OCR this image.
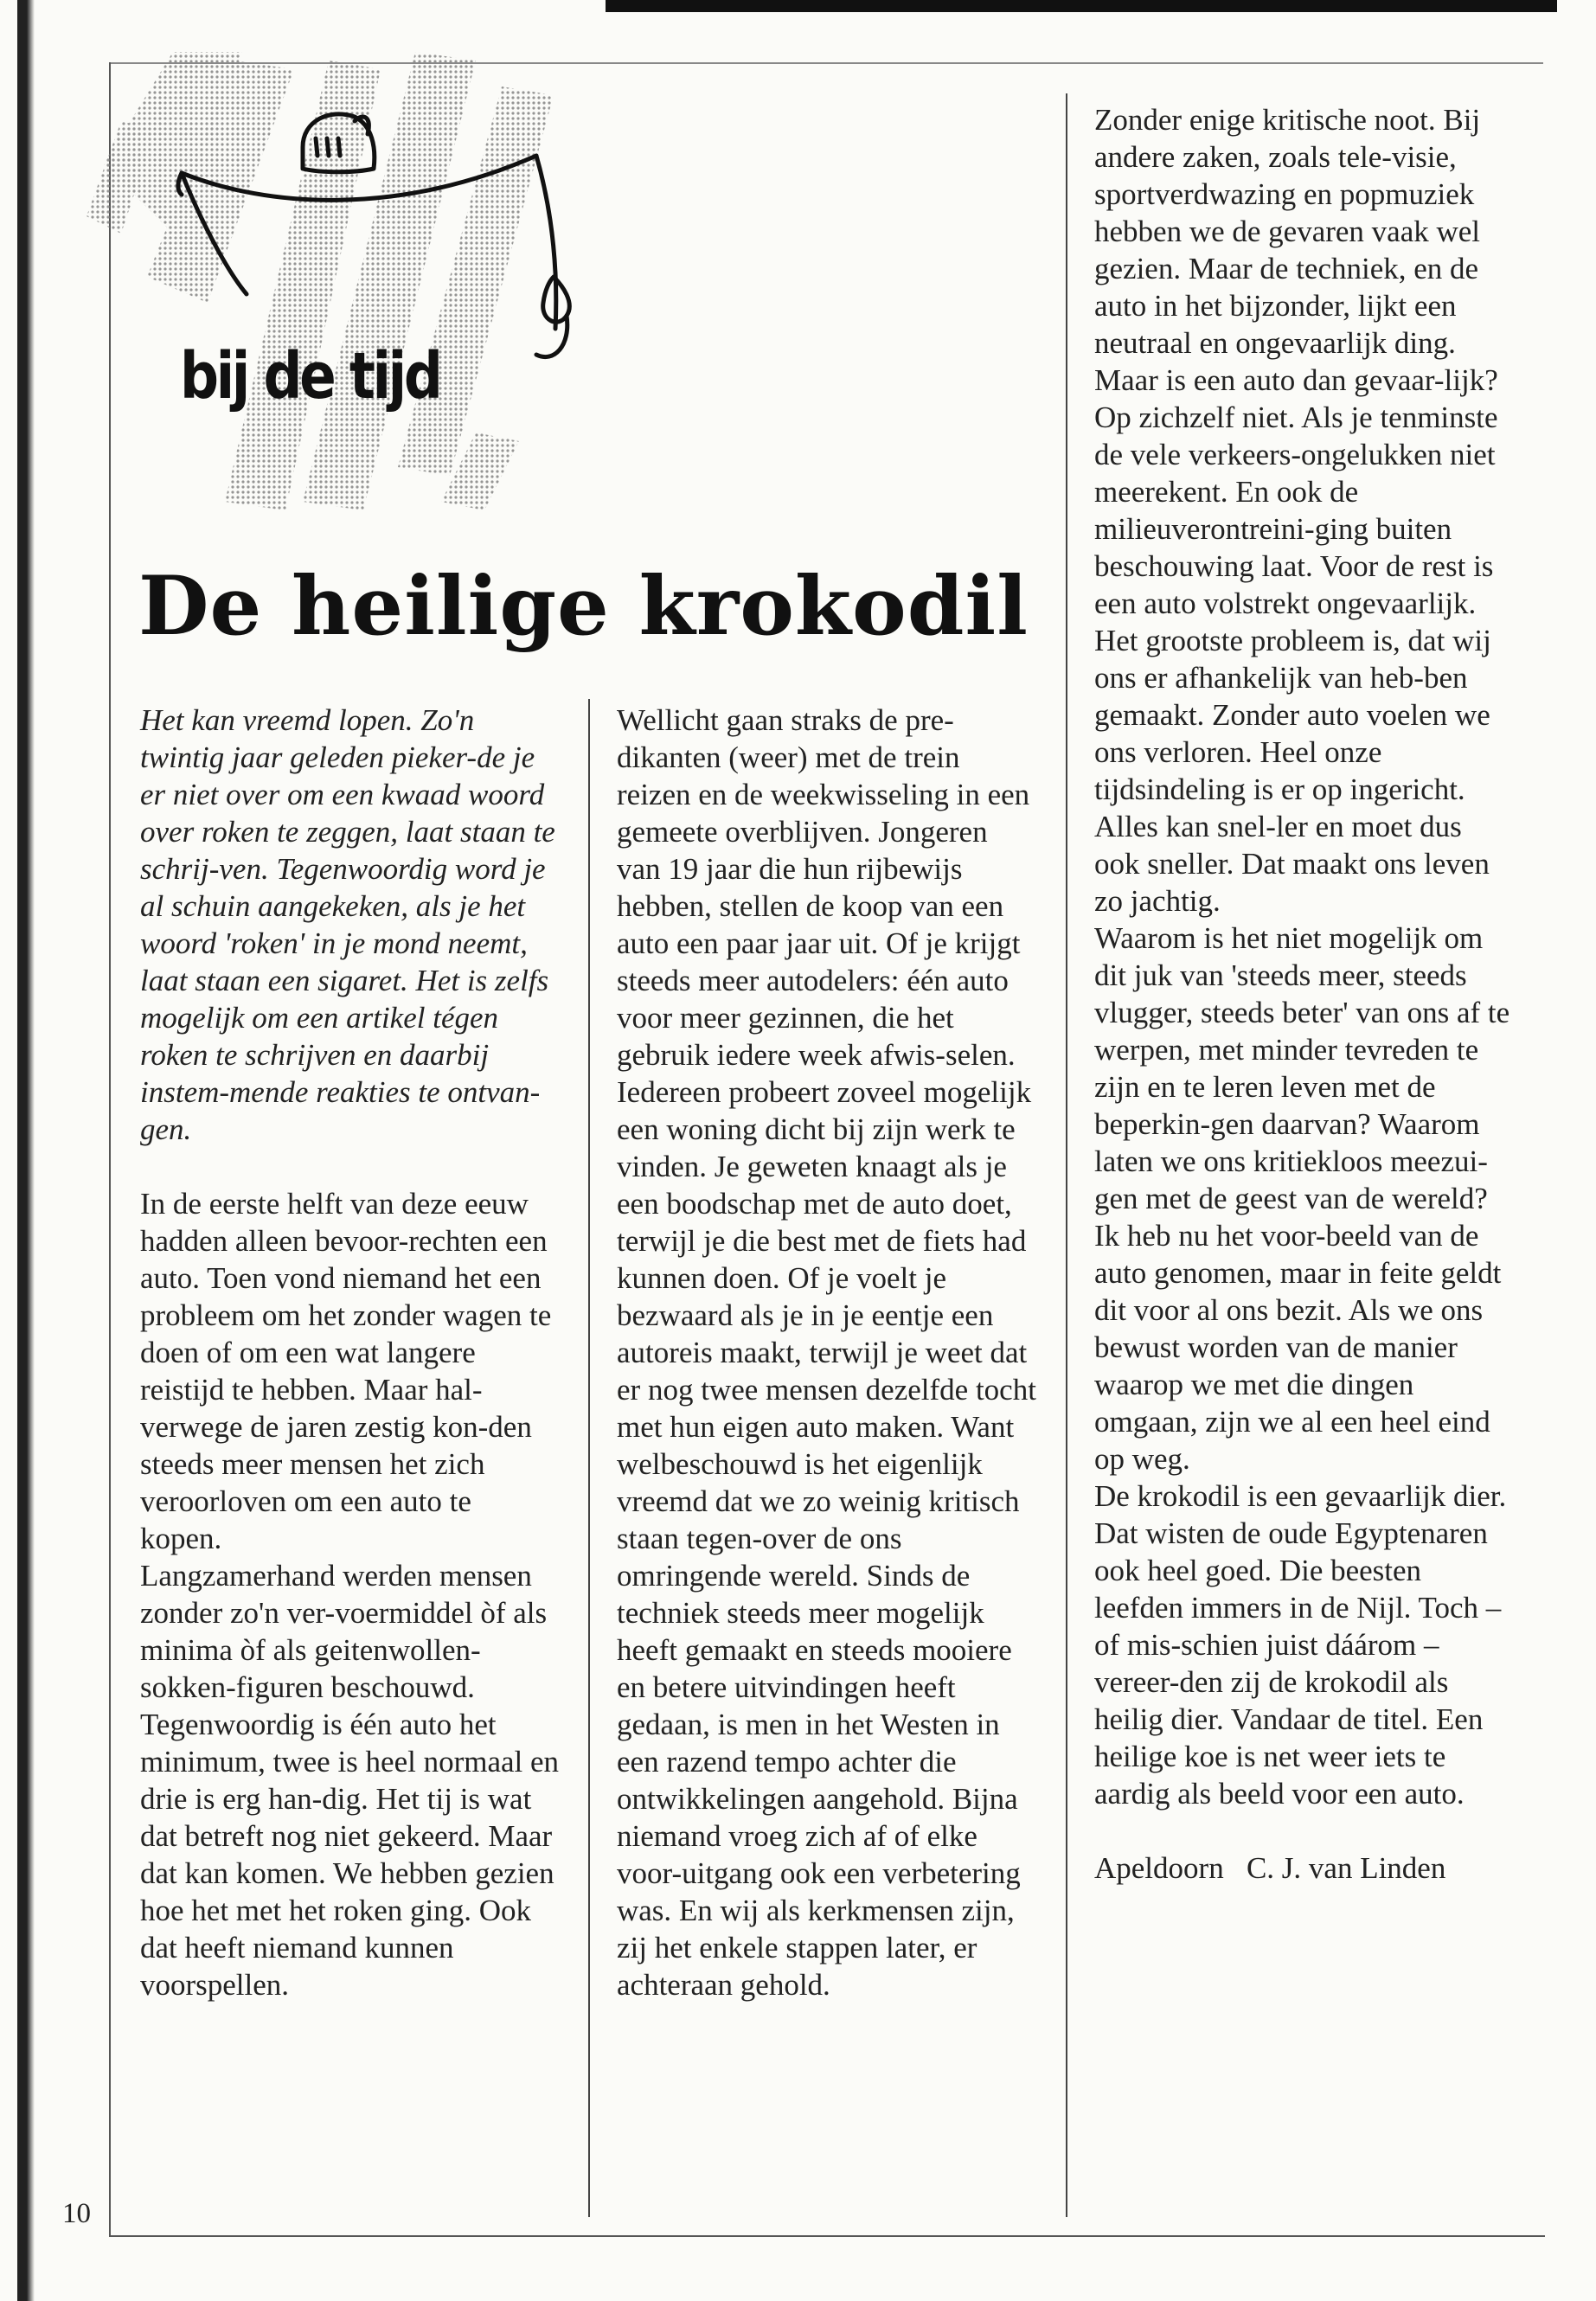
bij de tijd
De heilige krokodil

Het kan vreemd lopen. Zo'n twintig jaar geleden pieker-de je er niet over om een kwaad woord over roken te zeggen, laat staan te schrij-ven. Tegenwoordig word je al schuin aangekeken, als je het woord 'roken' in je mond neemt, laat staan een sigaret. Het is zelfs mogelijk om een artikel tégen roken te schrijven en daarbij instem-mende reakties te ontvan-gen.

In de eerste helft van deze eeuw hadden alleen bevoor-rechten een auto. Toen vond niemand het een probleem om het zonder wagen te doen of om een wat langere reistijd te hebben. Maar hal-verwege de jaren zestig kon-den steeds meer mensen het zich veroorloven om een auto te kopen.

Langzamerhand werden mensen zonder zo'n ver-voermiddel òf als minima òf als geitenwollen-sokken-figuren beschouwd.

Tegenwoordig is één auto het minimum, twee is heel normaal en drie is erg han-dig. Het tij is wat dat betreft nog niet gekeerd. Maar dat kan komen. We hebben gezien hoe het met het roken ging. Ook dat heeft niemand kunnen voorspellen.

Wellicht gaan straks de pre-dikanten (weer) met de trein reizen en de weekwisseling in een gemeete overblijven. Jongeren van 19 jaar die hun rijbewijs hebben, stellen de koop van een auto een paar jaar uit. Of je krijgt steeds meer autodelers: één auto voor meer gezinnen, die het gebruik iedere week afwis-selen. Iedereen probeert zoveel mogelijk een woning dicht bij zijn werk te vinden. Je geweten knaagt als je een boodschap met de auto doet, terwijl je die best met de fiets had kunnen doen. Of je voelt je bezwaard als je in je eentje een autoreis maakt, terwijl je weet dat er nog twee mensen dezelfde tocht met hun eigen auto maken. Want welbeschouwd is het eigenlijk vreemd dat we zo weinig kritisch staan tegen-over de ons omringende wereld. Sinds de techniek steeds meer mogelijk heeft gemaakt en steeds mooiere en betere uitvindingen heeft gedaan, is men in het Westen in een razend tempo achter die ontwikkelingen aangehold. Bijna niemand vroeg zich af of elke voor-uitgang ook een verbetering was. En wij als kerkmensen zijn, zij het enkele stappen later, er achteraan gehold.

Zonder enige kritische noot. Bij andere zaken, zoals tele-visie, sportverdwazing en popmuziek hebben we de gevaren vaak wel gezien. Maar de techniek, en de auto in het bijzonder, lijkt een neutraal en ongevaarlijk ding.

Maar is een auto dan gevaar-lijk? Op zichzelf niet. Als je tenminste de vele verkeers-ongelukken niet meerekent. En ook de milieuverontreini-ging buiten beschouwing laat. Voor de rest is een auto volstrekt ongevaarlijk. Het grootste probleem is, dat wij ons er afhankelijk van heb-ben gemaakt. Zonder auto voelen we ons verloren. Heel onze tijdsindeling is er op ingericht. Alles kan snel-ler en moet dus ook sneller. Dat maakt ons leven zo jachtig.

Waarom is het niet mogelijk om dit juk van 'steeds meer, steeds vlugger, steeds beter' van ons af te werpen, met minder tevreden te zijn en te leren leven met de beperkin-gen daarvan? Waarom laten we ons kritiekloos meezui-gen met de geest van de wereld? Ik heb nu het voor-beeld van de auto genomen, maar in feite geldt dit voor al ons bezit. Als we ons bewust worden van de manier waarop we met die dingen omgaan, zijn we al een heel eind op weg.

De krokodil is een gevaarlijk dier. Dat wisten de oude Egyptenaren ook heel goed. Die beesten leefden immers in de Nijl. Toch – of mis-schien juist dáárom – vereer-den zij de krokodil als heilig dier. Vandaar de titel. Een heilige koe is net weer iets te aardig als beeld voor een auto.

Apeldoorn C. J. van Linden

10
